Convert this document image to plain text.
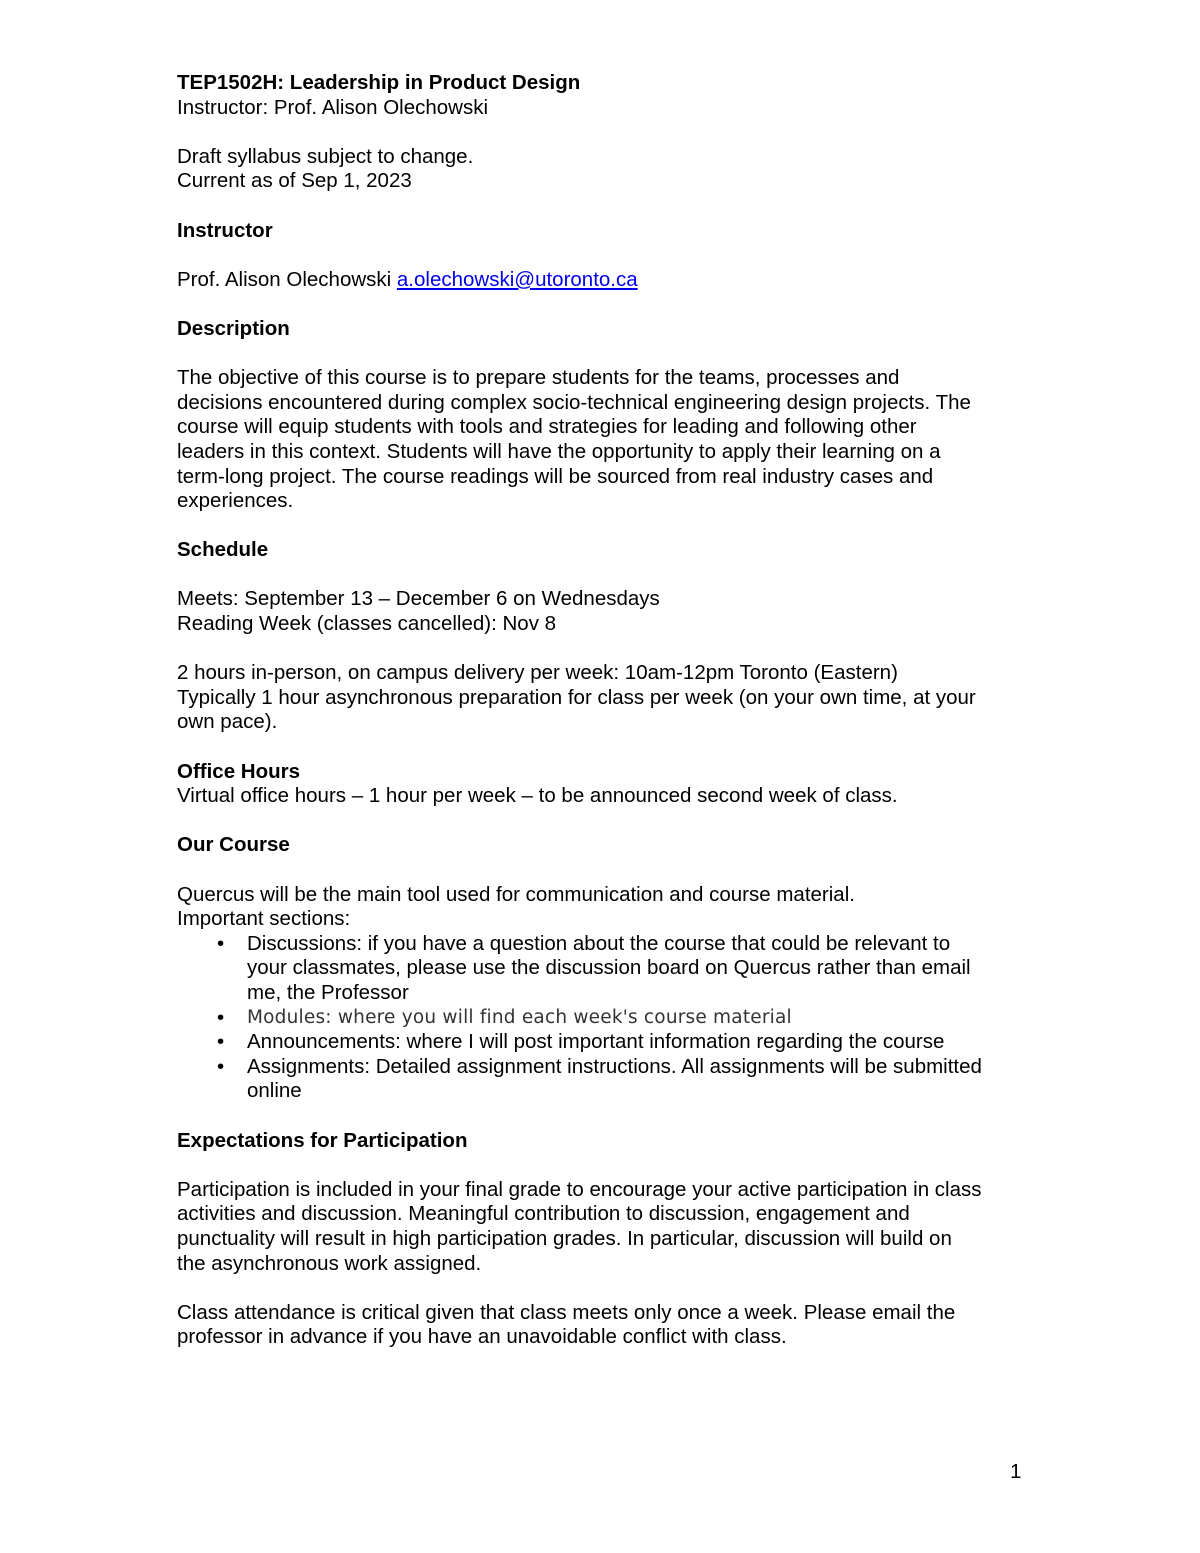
TEP1502H: Leadership in Product Design
Instructor: Prof. Alison Olechowski
Draft syllabus subject to change.
Current as of Sep 1, 2023
Instructor
Prof. Alison Olechowski a.olechowski@utoronto.ca
Description
The objective of this course is to prepare students for the teams, processes and
decisions encountered during complex socio-technical engineering design projects. The
course will equip students with tools and strategies for leading and following other
leaders in this context. Students will have the opportunity to apply their learning on a
term-long project. The course readings will be sourced from real industry cases and
experiences.
Schedule
Meets: September 13 – December 6 on Wednesdays
Reading Week (classes cancelled): Nov 8
2 hours in-person, on campus delivery per week: 10am-12pm Toronto (Eastern)
Typically 1 hour asynchronous preparation for class per week (on your own time, at your
own pace).
Office Hours
Virtual office hours – 1 hour per week – to be announced second week of class.
Our Course
Quercus will be the main tool used for communication and course material.
Important sections:
• Discussions: if you have a question about the course that could be relevant to
your classmates, please use the discussion board on Quercus rather than email
me, the Professor
• Modules: where you will find each week's course material
• Announcements: where I will post important information regarding the course
• Assignments: Detailed assignment instructions. All assignments will be submitted
online
Expectations for Participation
Participation is included in your final grade to encourage your active participation in class
activities and discussion. Meaningful contribution to discussion, engagement and
punctuality will result in high participation grades. In particular, discussion will build on
the asynchronous work assigned.
Class attendance is critical given that class meets only once a week. Please email the
professor in advance if you have an unavoidable conflict with class.
1
